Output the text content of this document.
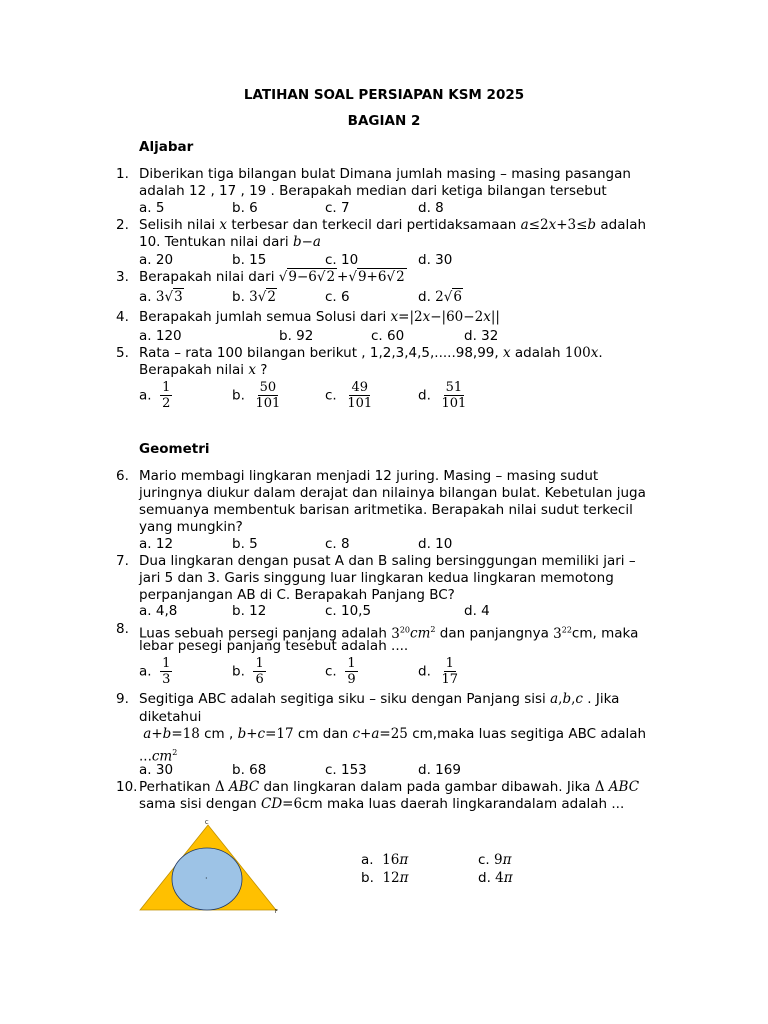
LATIHAN SOAL PERSIAPAN KSM 2025
BAGIAN 2
Aljabar
1. Diberikan tiga bilangan bulat Dimana jumlah masing – masing pasangan
adalah 12 , 17 , 19 . Berapakah median dari ketiga bilangan tersebut
a. 5	b. 6	c. 7	d. 8
2. Selisih nilai x terbesar dan terkecil dari pertidaksamaan a≤2x+3≤b adalah
10. Tentukan nilai dari b−a
a. 20	b. 15	c. 10	d. 30
3. Berapakah nilai dari √9−6√2 +√9+6√2
a. 3√3	b. 3√2	c. 6	d. 2√6
4. Berapakah jumlah semua Solusi dari x=|2x−|60−2x||
a. 120	b. 92	c. 60	d. 32
5. Rata – rata 100 bilangan berikut , 1,2,3,4,5,.....98,99, x adalah 100x.
Berapakah nilai x ?
a. $\frac{1}{2}$	b. $\frac{50}{101}$	c. $\frac{49}{101}$	d. $\frac{51}{101}$
Geometri
6. Mario membagi lingkaran menjadi 12 juring. Masing – masing sudut
juringnya diukur dalam derajat dan nilainya bilangan bulat. Kebetulan juga
semuanya membentuk barisan aritmetika. Berapakah nilai sudut terkecil
yang mungkin?
a. 12	b. 5	c. 8	d. 10
7. Dua lingkaran dengan pusat A dan B saling bersinggungan memiliki jari –
jari 5 dan 3. Garis singgung luar lingkaran kedua lingkaran memotong
perpanjangan AB di C. Berapakah Panjang BC?
a. 4,8	b. 12	c. 10,5	d. 4
8. Luas sebuah persegi panjang adalah $3^{20}cm^2$ dan panjangnya $3^{22}cm$, maka
lebar pesegi panjang tesebut adalah ....
a. $\frac{1}{3}$	b. $\frac{1}{6}$	c. $\frac{1}{9}$	d. $\frac{1}{17}$
9. Segitiga ABC adalah segitiga siku – siku dengan Panjang sisi a,b,c . Jika
diketahui
a+b=18 cm , b+c=17 cm dan c+a=25 cm,maka luas segitiga ABC adalah
$...cm^2$
a. 30	b. 68	c. 153	d. 169
10. Perhatikan Δ ABC dan lingkaran dalam pada gambar dibawah. Jika Δ ABC
sama sisi dengan CD=6cm maka luas daerah lingkarandalam adalah ...
C
·
F
a. 16π
b. 12π
c. 9π
d. 4π
